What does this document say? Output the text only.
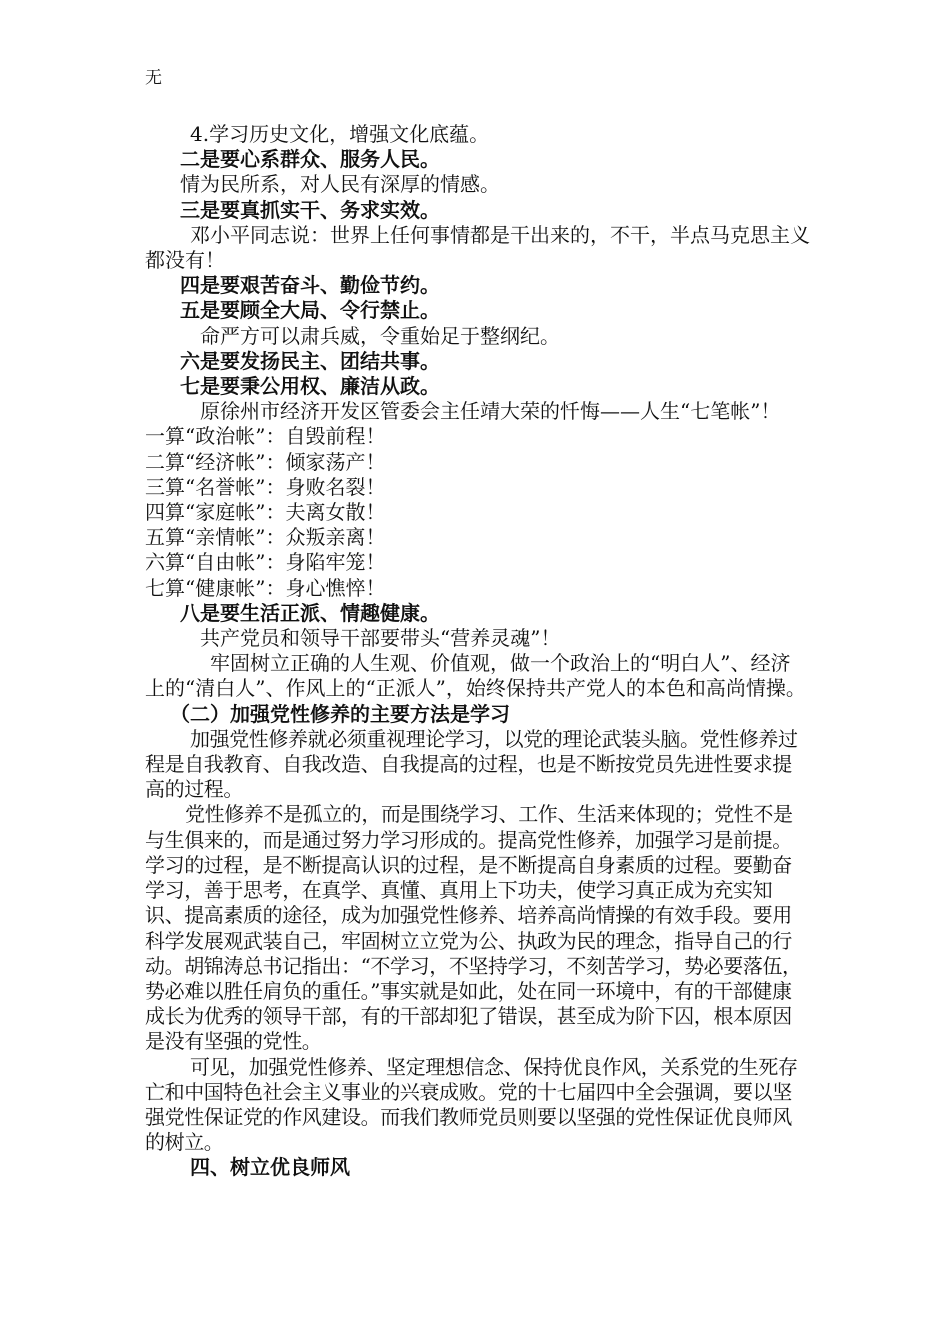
无

4.学习历史文化，增强文化底蕴。

二是要心系群众、服务人民。

情为民所系，对人民有深厚的情感。

三是要真抓实干、务求实效。

邓小平同志说：世界上任何事情都是干出来的，不干，半点马克思主义都没有！

四是要艰苦奋斗、勤俭节约。

五是要顾全大局、令行禁止。

命严方可以肃兵威，令重始足于整纲纪。

六是要发扬民主、团结共事。

七是要秉公用权、廉洁从政。

原徐州市经济开发区管委会主任靖大荣的忏悔——人生“七笔帐”！

一算“政治帐”：自毁前程！

二算“经济帐”：倾家荡产！

三算“名誉帐”：身败名裂！

四算“家庭帐”：夫离女散！

五算“亲情帐”：众叛亲离！

六算“自由帐”：身陷牢笼！

七算“健康帐”：身心憔悴！

八是要生活正派、情趣健康。

共产党员和领导干部要带头“营养灵魂”！

牢固树立正确的人生观、价值观，做一个政治上的“明白人”、经济上的“清白人”、作风上的“正派人”，始终保持共产党人的本色和高尚情操。

（二）加强党性修养的主要方法是学习

加强党性修养就必须重视理论学习，以党的理论武装头脑。党性修养过程是自我教育、自我改造、自我提高的过程，也是不断按党员先进性要求提高的过程。

党性修养不是孤立的，而是围绕学习、工作、生活来体现的；党性不是与生俱来的，而是通过努力学习形成的。提高党性修养，加强学习是前提。学习的过程，是不断提高认识的过程，是不断提高自身素质的过程。要勤奋学习，善于思考，在真学、真懂、真用上下功夫，使学习真正成为充实知识、提高素质的途径，成为加强党性修养、培养高尚情操的有效手段。要用科学发展观武装自己，牢固树立立党为公、执政为民的理念，指导自己的行动。胡锦涛总书记指出：“不学习，不坚持学习，不刻苦学习，势必要落伍，势必难以胜任肩负的重任。”事实就是如此，处在同一环境中，有的干部健康成长为优秀的领导干部，有的干部却犯了错误，甚至成为阶下囚，根本原因是没有坚强的党性。

可见，加强党性修养、坚定理想信念、保持优良作风，关系党的生死存亡和中国特色社会主义事业的兴衰成败。党的十七届四中全会强调，要以坚强党性保证党的作风建设。而我们教师党员则要以坚强的党性保证优良师风的树立。

四、树立优良师风
